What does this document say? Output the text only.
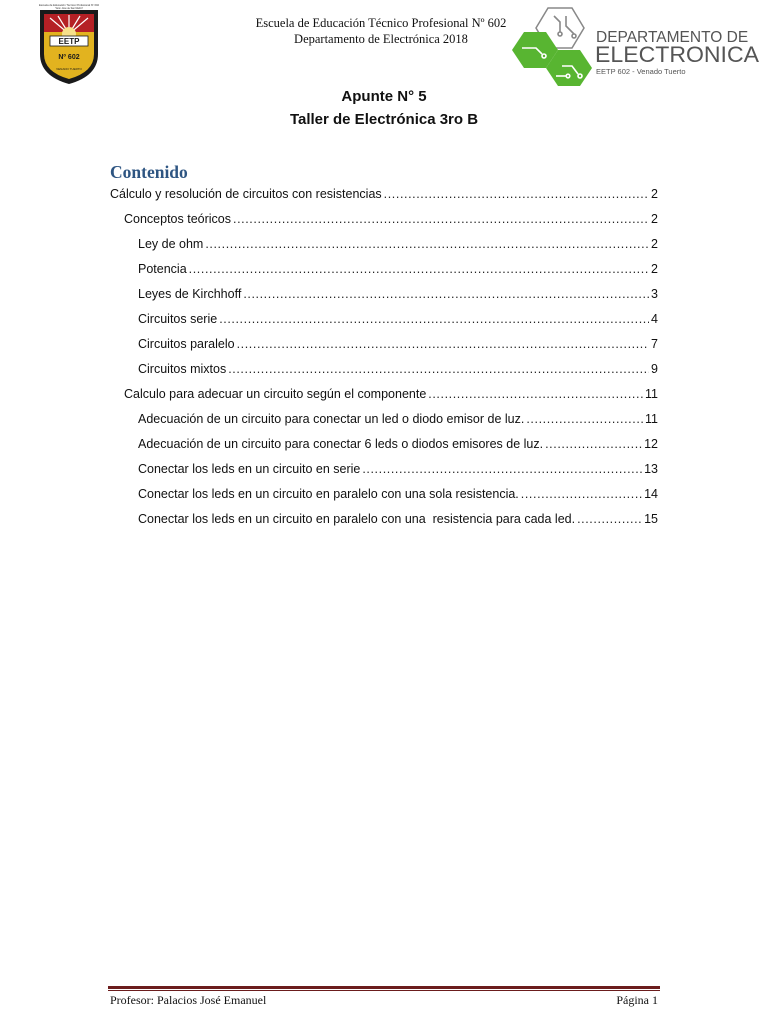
EETP
Nº 602
Escuela de Educación Técnico Profesional Nº 602
"Gral. José de San Martín"
VENADO TUERTO
Escuela de Educación Técnico Profesional Nº 602
Departamento de Electrónica 2018	DEPARTAMENTO DE
ELECTRONICA
EETP 602 - Venado Tuerto
Apunte N° 5
Taller de Electrónica 3ro B
Contenido
Cálculo y resolución de circuitos con resistencias .....	2
Conceptos teóricos .....	2
Ley de ohm .....	2
Potencia .....	2
Leyes de Kirchhoff .....	3
Circuitos serie .....	4
Circuitos paralelo .....	7
Circuitos mixtos .....	9
Calculo para adecuar un circuito según el componente .....	11
Adecuación de un circuito para conectar un led o diodo emisor de luz. .....	11
Adecuación de un circuito para conectar 6 leds o diodos emisores de luz. .....	12
Conectar los leds en un circuito en serie .....	13
Conectar los leds en un circuito en paralelo con una sola resistencia. .....	14
Conectar los leds en un circuito en paralelo con una  resistencia para cada led. .....	15
Profesor: Palacios José Emanuel	Página 1
